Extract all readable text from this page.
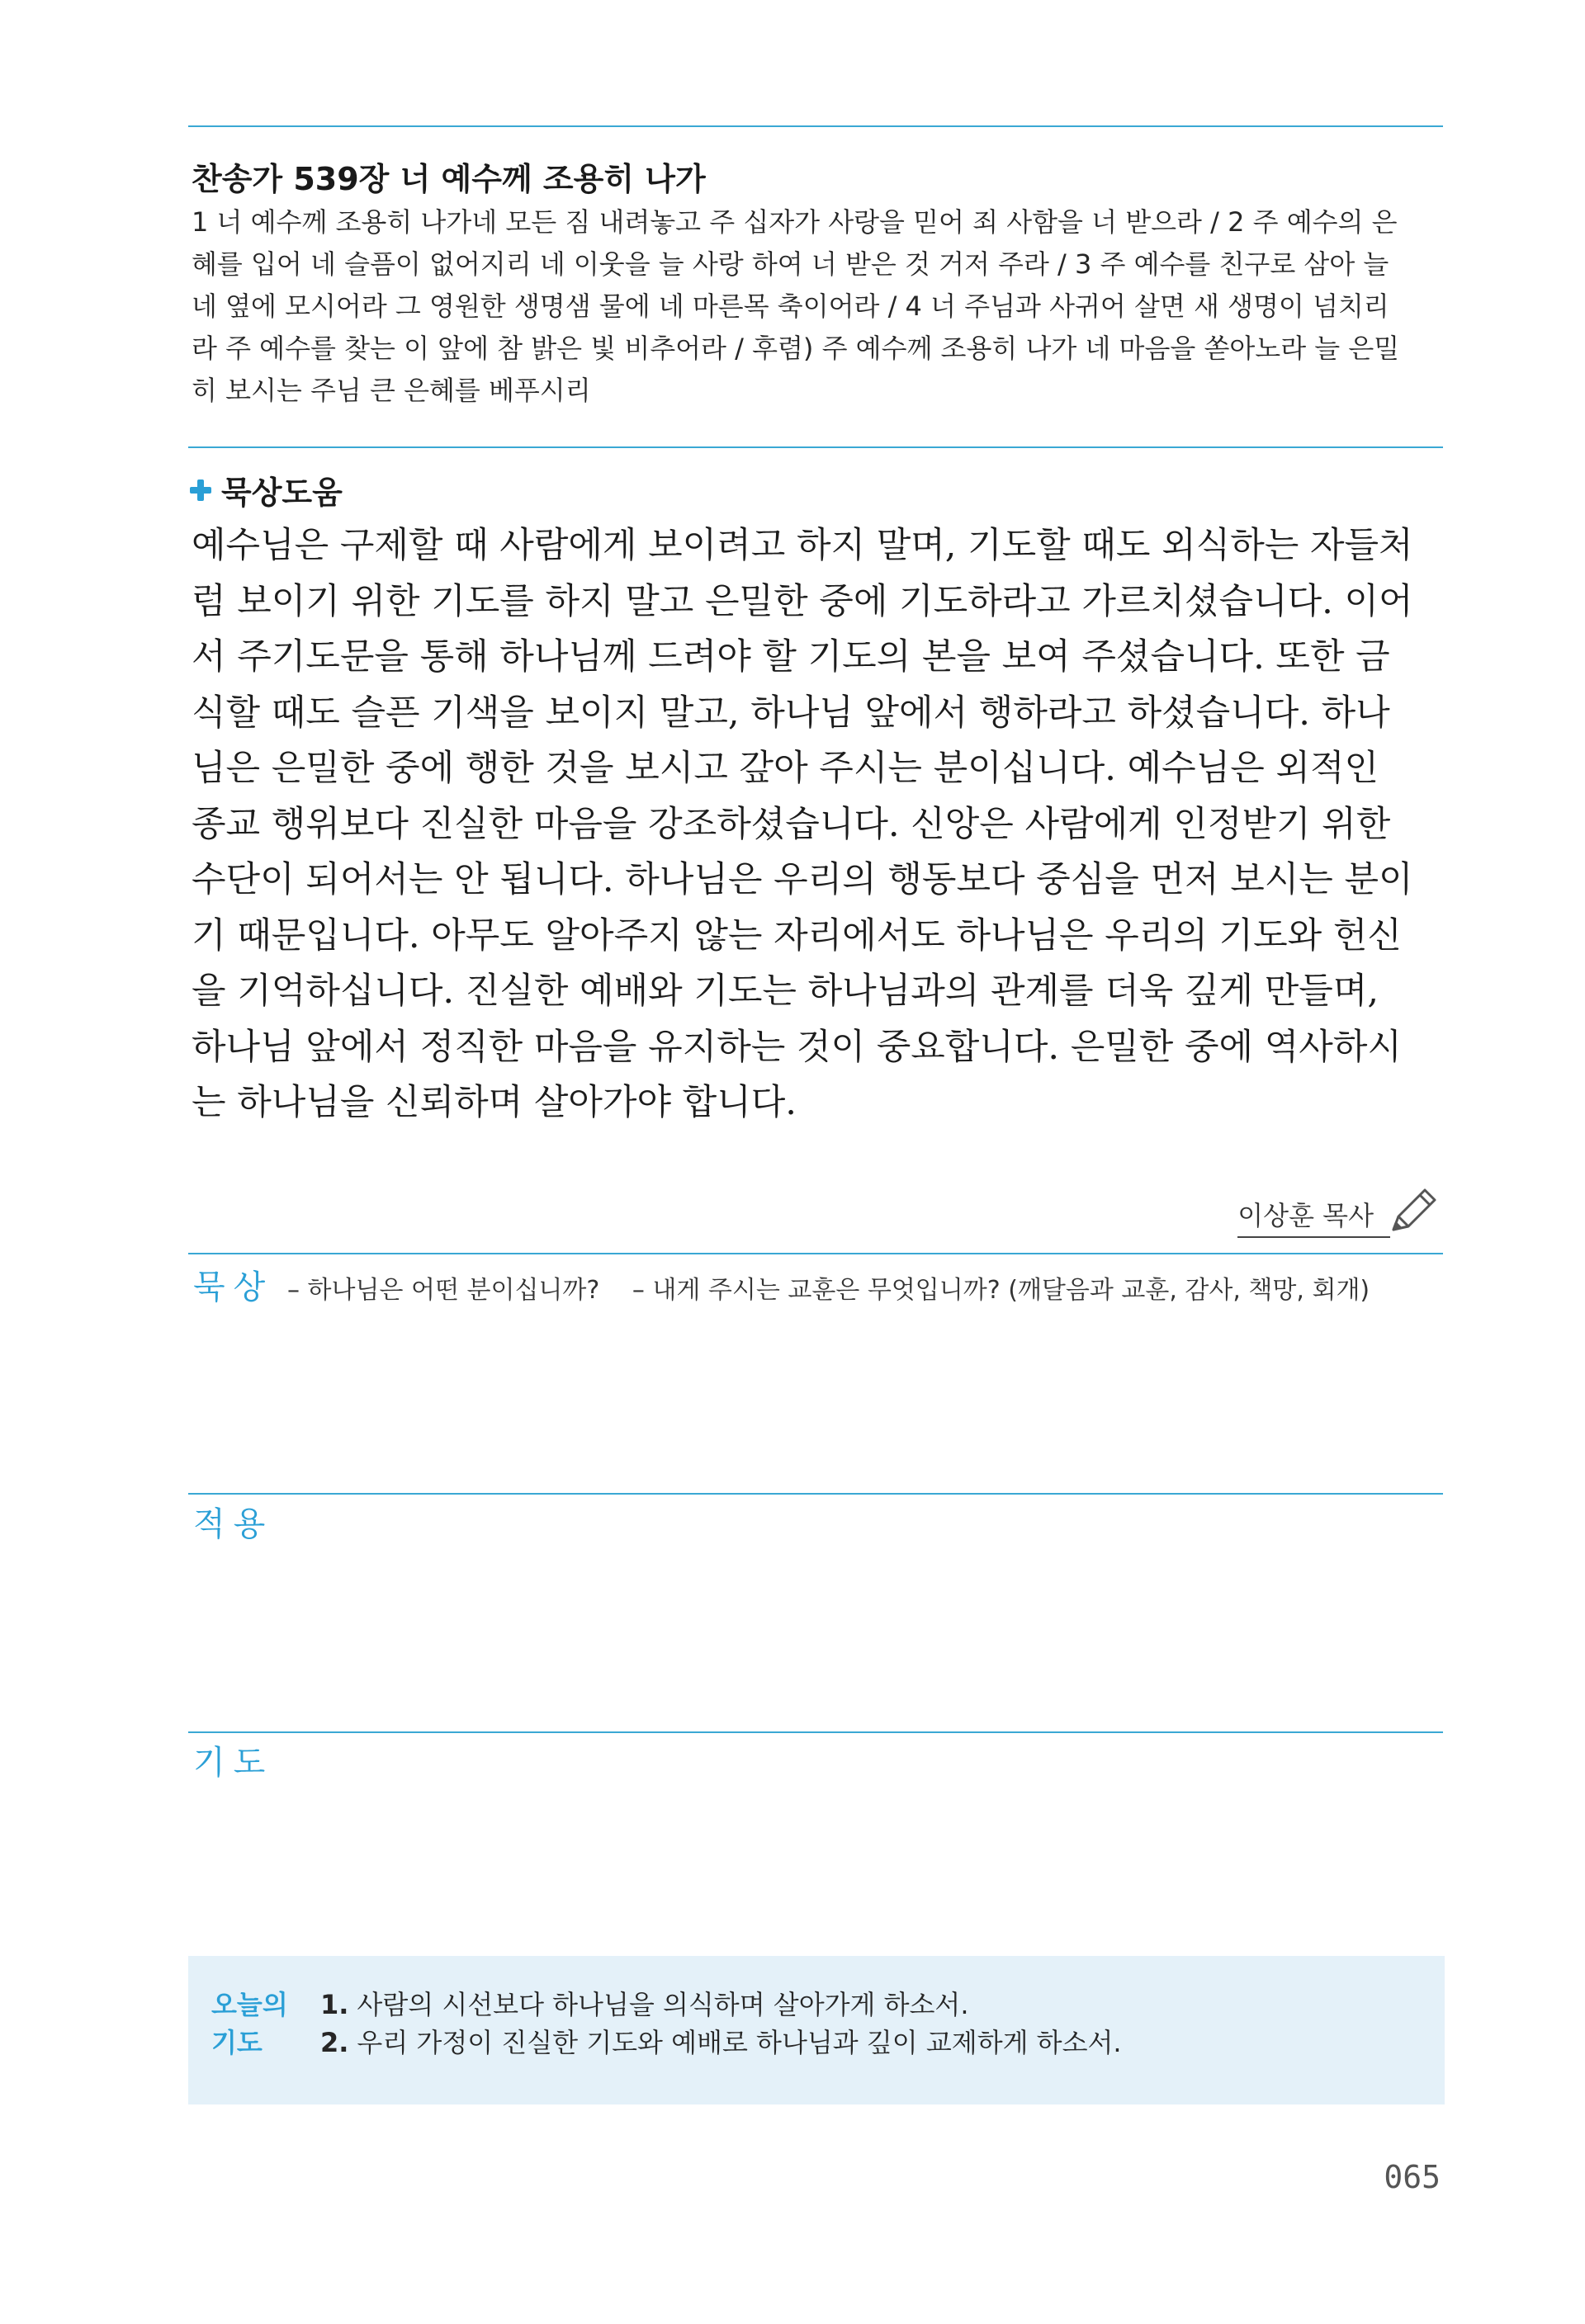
찬송가 539장 너 예수께 조용히 나가
1 너 예수께 조용히 나가네 모든 짐 내려놓고 주 십자가 사랑을 믿어 죄 사함을 너 받으라 / 2 주 예수의 은
혜를 입어 네 슬픔이 없어지리 네 이웃을 늘 사랑 하여 너 받은 것 거저 주라 / 3 주 예수를 친구로 삼아 늘
네 옆에 모시어라 그 영원한 생명샘 물에 네 마른목 축이어라 / 4 너 주님과 사귀어 살면 새 생명이 넘치리
라 주 예수를 찾는 이 앞에 참 밝은 빛 비추어라 / 후렴) 주 예수께 조용히 나가 네 마음을 쏟아노라 늘 은밀
히 보시는 주님 큰 은혜를 베푸시리
묵상도움
예수님은 구제할 때 사람에게 보이려고 하지 말며, 기도할 때도 외식하는 자들처
럼 보이기 위한 기도를 하지 말고 은밀한 중에 기도하라고 가르치셨습니다. 이어
서 주기도문을 통해 하나님께 드려야 할 기도의 본을 보여 주셨습니다. 또한 금
식할 때도 슬픈 기색을 보이지 말고, 하나님 앞에서 행하라고 하셨습니다. 하나
님은 은밀한 중에 행한 것을 보시고 갚아 주시는 분이십니다. 예수님은 외적인
종교 행위보다 진실한 마음을 강조하셨습니다. 신앙은 사람에게 인정받기 위한
수단이 되어서는 안 됩니다. 하나님은 우리의 행동보다 중심을 먼저 보시는 분이
기 때문입니다. 아무도 알아주지 않는 자리에서도 하나님은 우리의 기도와 헌신
을 기억하십니다. 진실한 예배와 기도는 하나님과의 관계를 더욱 깊게 만들며,
하나님 앞에서 정직한 마음을 유지하는 것이 중요합니다. 은밀한 중에 역사하시
는 하나님을 신뢰하며 살아가야 합니다.
이상훈 목사
묵상 – 하나님은 어떤 분이십니까? – 내게 주시는 교훈은 무엇입니까? (깨달음과 교훈, 감사, 책망, 회개)
적용
기도
오늘의
기도
1. 사람의 시선보다 하나님을 의식하며 살아가게 하소서.
2. 우리 가정이 진실한 기도와 예배로 하나님과 깊이 교제하게 하소서.
065
